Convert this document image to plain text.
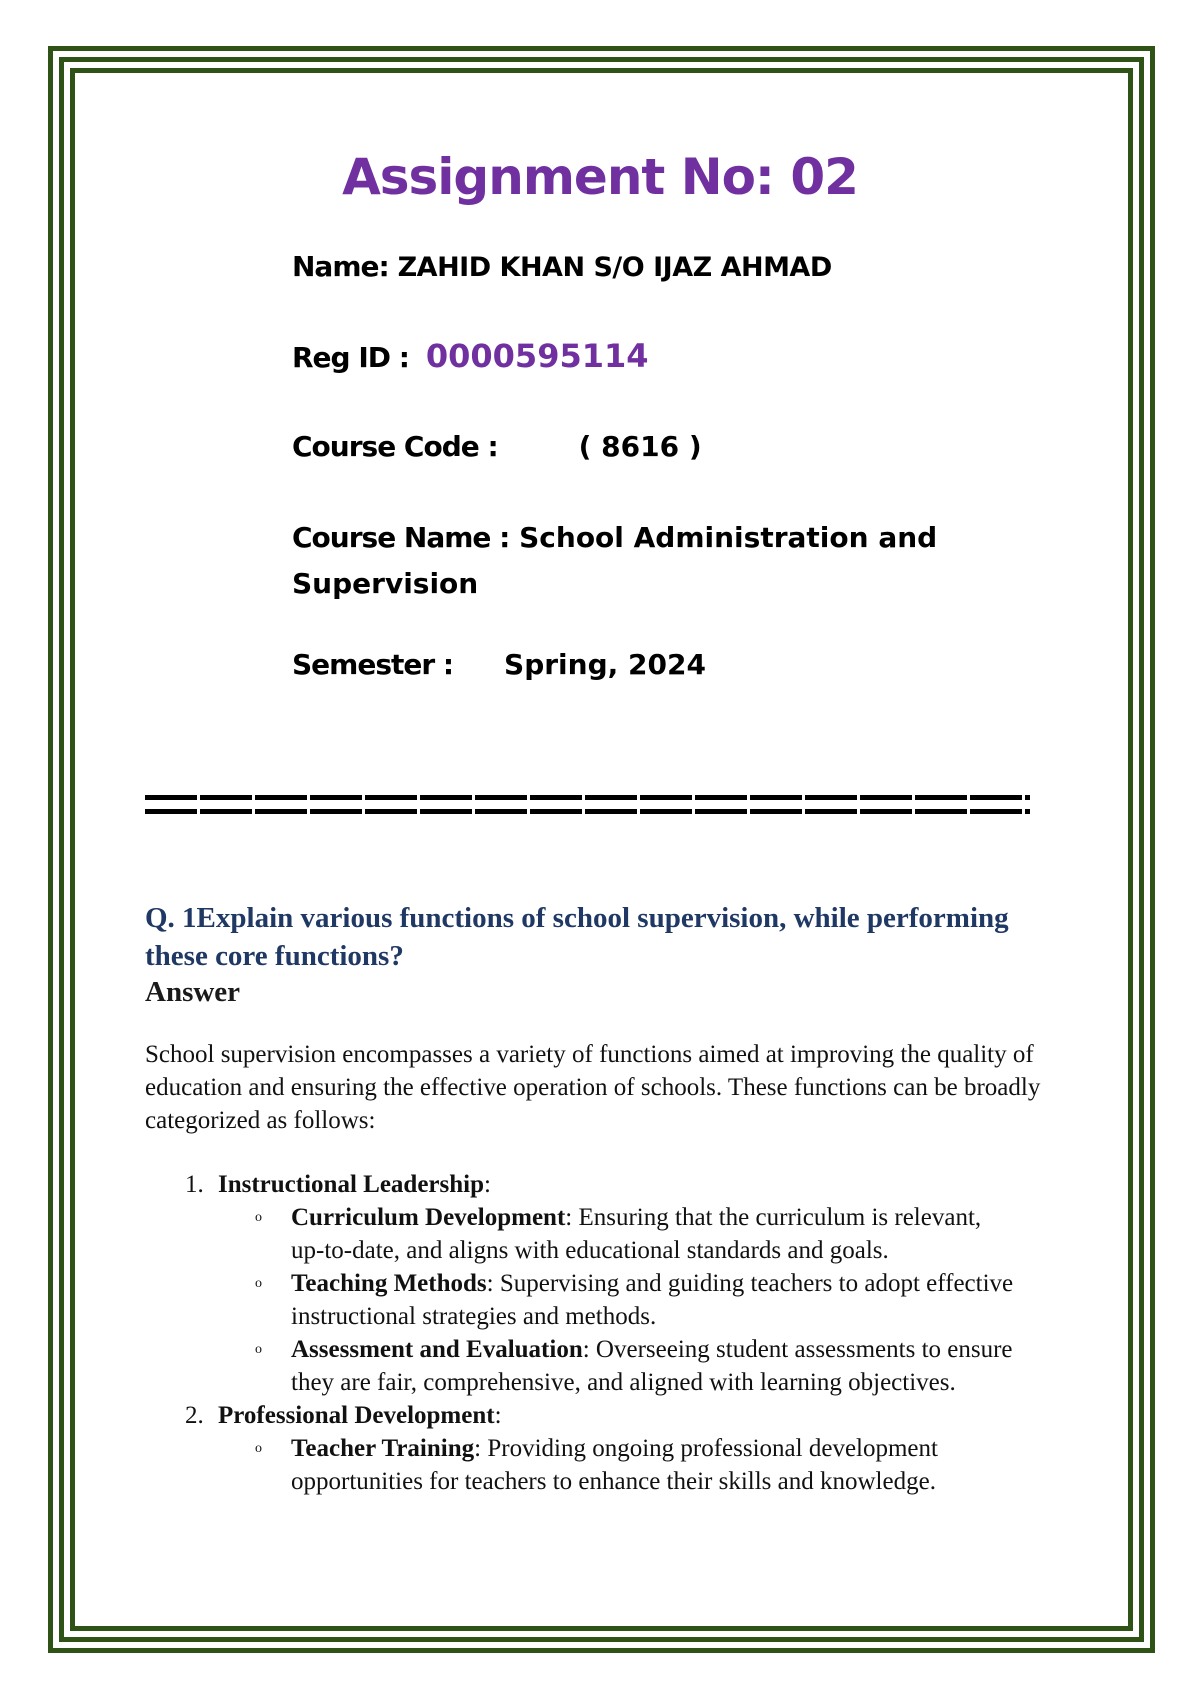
Assignment No: 02
Name: ZAHID KHAN S/O IJAZ AHMAD
Reg ID : 0000595114
Course Code :	( 8616 )
Course Name : School Administration and Supervision
Semester : Spring, 2024
Q. 1Explain various functions of school supervision, while performing these core functions?
Answer
School supervision encompasses a variety of functions aimed at improving the quality of education and ensuring the effective operation of schools. These functions can be broadly categorized as follows:
1. Instructional Leadership:
o Curriculum Development: Ensuring that the curriculum is relevant, up-to-date, and aligns with educational standards and goals.
o Teaching Methods: Supervising and guiding teachers to adopt effective instructional strategies and methods.
o Assessment and Evaluation: Overseeing student assessments to ensure they are fair, comprehensive, and aligned with learning objectives.
2. Professional Development:
o Teacher Training: Providing ongoing professional development opportunities for teachers to enhance their skills and knowledge.
